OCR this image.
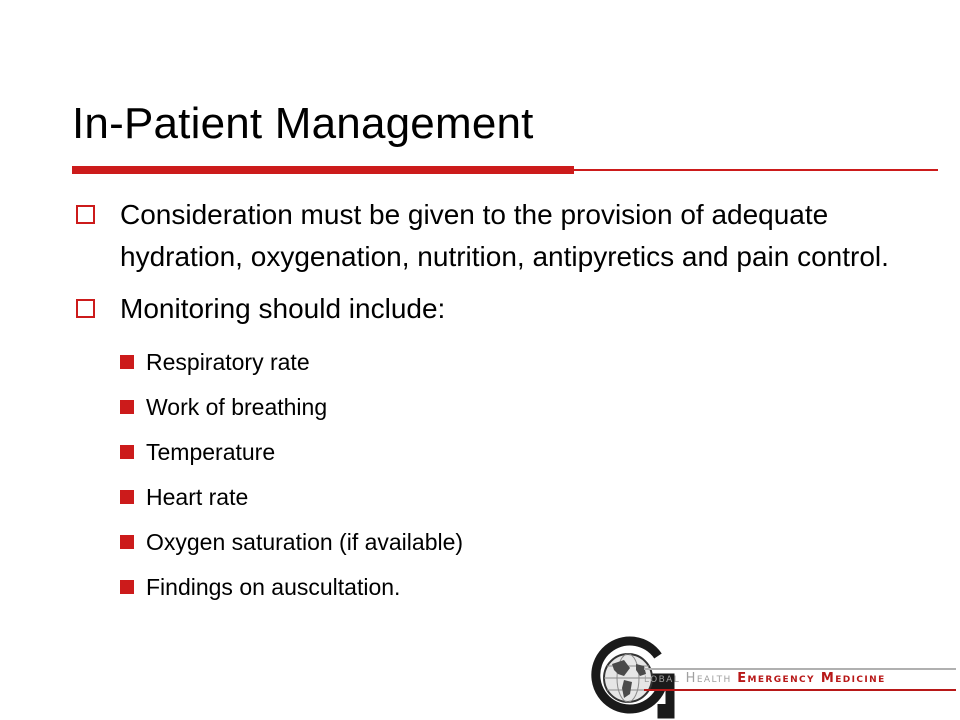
In-Patient Management
Consideration must be given to the provision of adequate hydration, oxygenation, nutrition, antipyretics and pain control.
Monitoring should include:
Respiratory rate
Work of breathing
Temperature
Heart rate
Oxygen saturation (if available)
Findings on auscultation.
lobal Health Emergency Medicine
